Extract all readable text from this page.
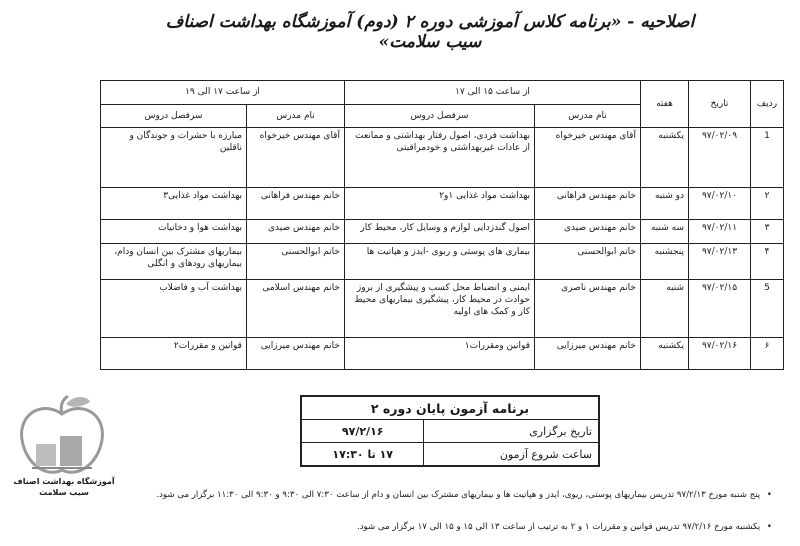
اصلاحیه - «برنامه کلاس آموزشی دوره ۲ (دوم) آموزشگاه بهداشت اصناف سیب سلامت»
ردیف	تاریخ	هفته	از ساعت ۱۵ الی ۱۷		از ساعت ۱۷ الی ۱۹	
			نام مدرس	سرفصل دروس	نام مدرس	سرفصل دروس
1	۹۷/۰۲/۰۹	یکشنبه	آقای مهندس خیرخواه	بهداشت فردی، اصول رفتار بهداشتی و ممانعت از عادات غیربهداشتی و خودمراقبتی	آقای مهندس خیرخواه	مبارزه با حشرات و جوندگان و ناقلین
۲	۹۷/۰۲/۱۰	دو شنبه	خانم مهندس فراهانی	بهداشت مواد غذایی ۱و۲	خانم مهندس فراهانی	بهداشت مواد غذایی۳
۳	۹۷/۰۲/۱۱	سه شنبه	خانم مهندس صیدی	اصول گندزدایی لوازم و وسایل کار، محیط کار	خانم مهندس صیدی	بهداشت هوا و دخانیات
۴	۹۷/۰۲/۱۳	پنجشنبه	خانم ابوالحسنی	بیماری های پوستی و ربوی -ایدز و هپاتیت ها	خانم ابوالحسنی	بیماریهای مشترک بین انسان ودام، بیماریهای رودهای و انگلی
5	۹۷/۰۲/۱۵	شنبه	خانم مهندس ناصری	ایمنی و انضباط محل کسب و پیشگیری از بروز حوادث در محیط کار، پیشگیری بیماریهای محیط کار و کمک های اولیه	خانم مهندس اسلامی	بهداشت آب و فاضلاب
۶	۹۷/۰۲/۱۶	یکشنبه	خانم مهندس میرزایی	قوانین ومقررات۱	خانم مهندس میرزایی	قوانین و مقررات۲
برنامه آزمون پایان دوره ۲	
تاریخ برگزاری	۹۷/۲/۱۶
ساعت شروع آزمون	۱۷ تا ۱۷:۳۰
آموزشگاه بهداشت اصناف
سیب سلامت	• پنج شنبه مورخ ۹۷/۲/۱۳ تدریس بیماریهای پوستی، ریوی، ایدز و هپاتیت ها و بیماریهای مشترک بین انسان و دام از ساعت ۷:۳۰ الی ۹:۳۰ و ۹:۳۰ الی ۱۱:۳۰ برگزار می شود.
• یکشنبه مورخ ۹۷/۲/۱۶ تدریس قوانین و مقررات ۱ و ۲ به ترتیب از ساعت ۱۳ الی ۱۵ و ۱۵ الی ۱۷ برگزار می شود.
